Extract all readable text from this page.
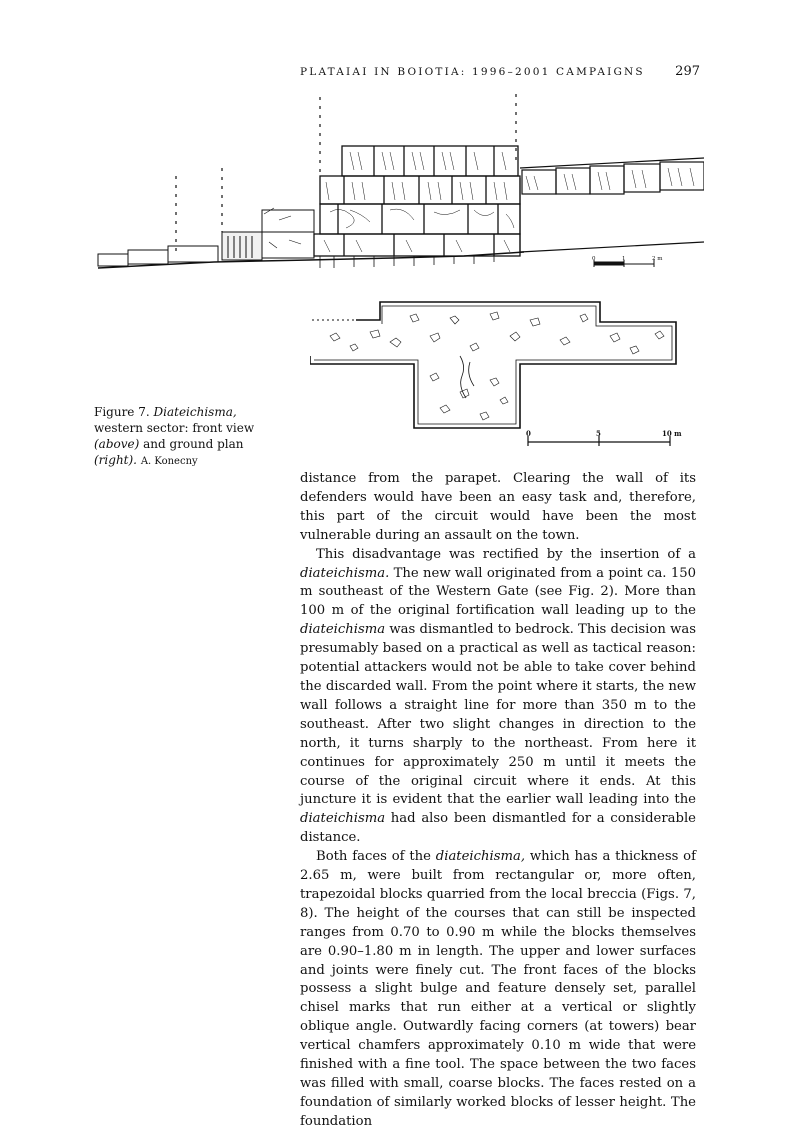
PLATAIAI IN BOIOTIA: 1996–2001 CAMPAIGNS 297
0	1	2 m
0	5	10 m
Figure 7. Diateichisma, western sector: front view (above) and ground plan (right). A. Konecny

distance from the parapet. Clearing the wall of its defenders would have been an easy task and, therefore, this part of the circuit would have been the most vulnerable during an assault on the town.

This disadvantage was rectified by the insertion of a diateichisma. The new wall originated from a point ca. 150 m southeast of the Western Gate (see Fig. 2). More than 100 m of the original fortification wall leading up to the diateichisma was dismantled to bedrock. This decision was presumably based on a practical as well as tactical reason: potential attackers would not be able to take cover behind the discarded wall. From the point where it starts, the new wall follows a straight line for more than 350 m to the southeast. After two slight changes in direction to the north, it turns sharply to the northeast. From here it continues for approximately 250 m until it meets the course of the original circuit where it ends. At this juncture it is evident that the earlier wall leading into the diateichisma had also been dismantled for a considerable distance.

Both faces of the diateichisma, which has a thickness of 2.65 m, were built from rectangular or, more often, trapezoidal blocks quarried from the local breccia (Figs. 7, 8). The height of the courses that can still be inspected ranges from 0.70 to 0.90 m while the blocks themselves are 0.90–1.80 m in length. The upper and lower surfaces and joints were finely cut. The front faces of the blocks possess a slight bulge and feature densely set, parallel chisel marks that run either at a vertical or slightly oblique angle. Outwardly facing corners (at towers) bear vertical chamfers approximately 0.10 m wide that were finished with a fine tool. The space between the two faces was filled with small, coarse blocks. The faces rested on a foundation of similarly worked blocks of lesser height. The foundation
